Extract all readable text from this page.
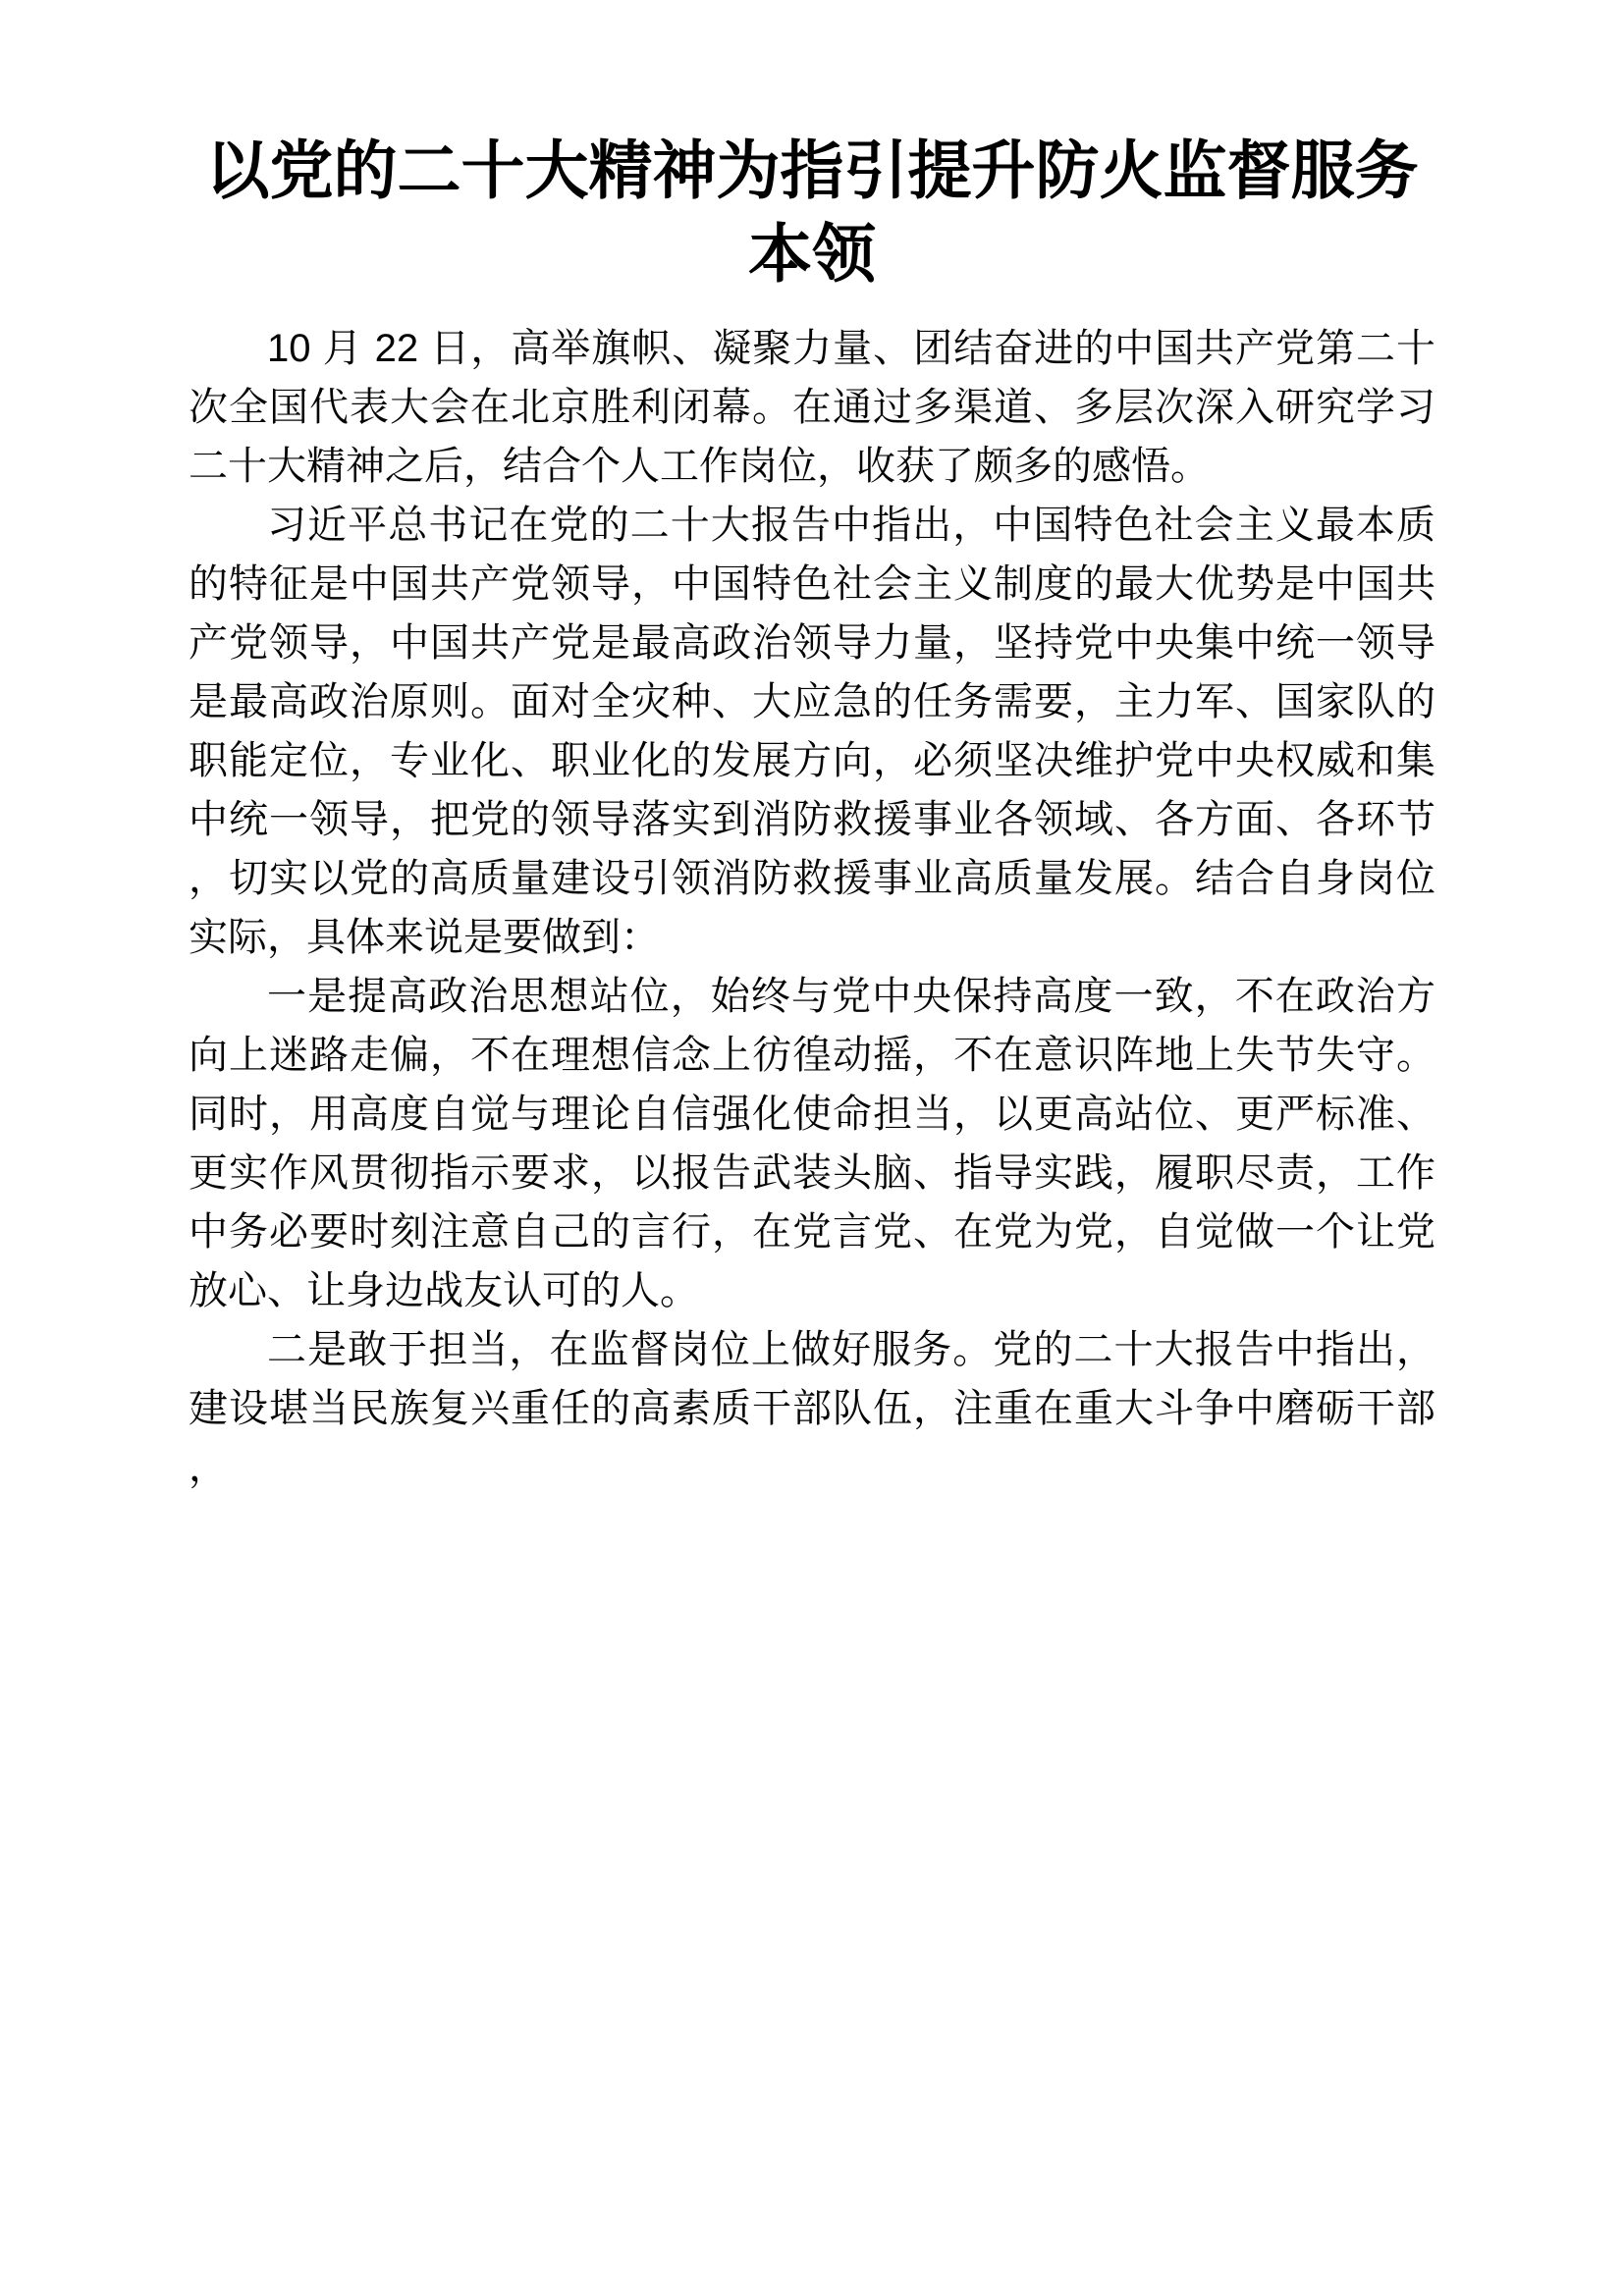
以党的二十大精神为指引提升防火监督服务本领

10 月 22 日，高举旗帜、凝聚力量、团结奋进的中国共产党第二十次全国代表大会在北京胜利闭幕。在通过多渠道、多层次深入研究学习二十大精神之后，结合个人工作岗位，收获了颇多的感悟。

习近平总书记在党的二十大报告中指出，中国特色社会主义最本质的特征是中国共产党领导，中国特色社会主义制度的最大优势是中国共产党领导，中国共产党是最高政治领导力量，坚持党中央集中统一领导是最高政治原则。面对全灾种、大应急的任务需要，主力军、国家队的职能定位，专业化、职业化的发展方向，必须坚决维护党中央权威和集中统一领导，把党的领导落实到消防救援事业各领域、各方面、各环节，切实以党的高质量建设引领消防救援事业高质量发展。结合自身岗位实际，具体来说是要做到：

一是提高政治思想站位，始终与党中央保持高度一致，不在政治方向上迷路走偏，不在理想信念上彷徨动摇，不在意识阵地上失节失守。同时，用高度自觉与理论自信强化使命担当，以更高站位、更严标准、更实作风贯彻指示要求，以报告武装头脑、指导实践，履职尽责，工作中务必要时刻注意自己的言行，在党言党、在党为党，自觉做一个让党放心、让身边战友认可的人。

二是敢于担当，在监督岗位上做好服务。党的二十大报告中指出，建设堪当民族复兴重任的高素质干部队伍，注重在重大斗争中磨砺干部，
